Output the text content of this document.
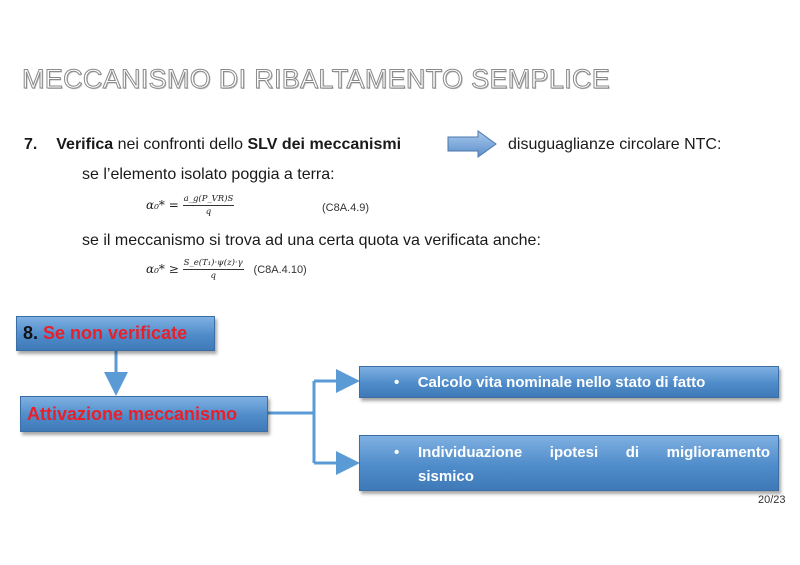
MECCANISMO DI RIBALTAMENTO SEMPLICE
7. Verifica nei confronti dello SLV dei meccanismi	disuguaglianze circolare NTC:
se l’elemento isolato poggia a terra:
$\alpha_0* = \frac{a\_g(P\_VR)S}{q}$	(C8A.4.9)
se il meccanismo si trova ad una certa quota va verificata anche:
$\alpha_0* \ge \frac{\text{S\_e(T₁)·ψ(z)·γ}}{q} (C8A.4.10)$
8. Se non verificate
Attivazione meccanismo
• Calcolo vita nominale nello stato di fatto
• Individuazione ipotesi di miglioramento
sismico
20/23
